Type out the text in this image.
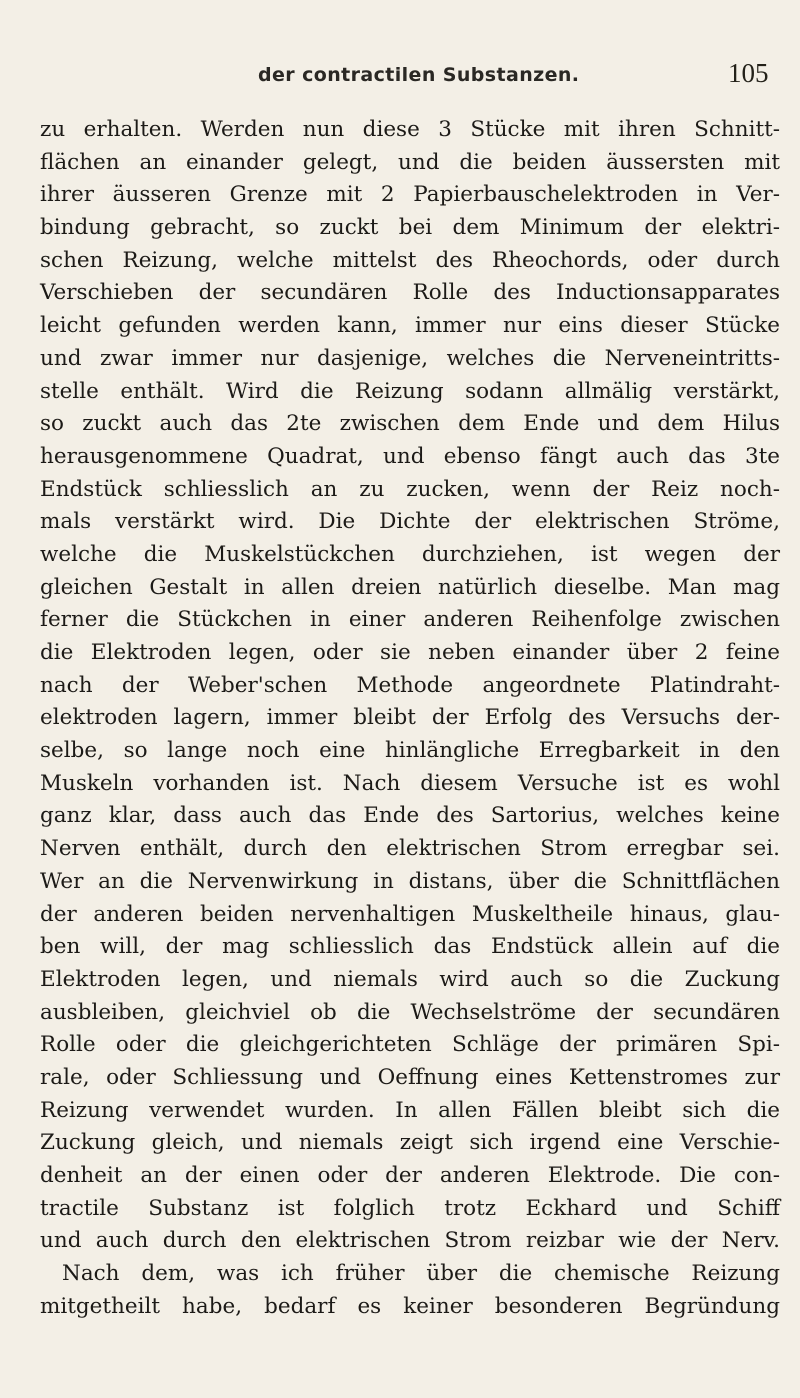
der contractilen Substanzen.	105
zu erhalten. Werden nun diese 3 Stücke mit ihren Schnitt-
flächen an einander gelegt, und die beiden äussersten mit
ihrer äusseren Grenze mit 2 Papierbauschelektroden in Ver-
bindung gebracht, so zuckt bei dem Minimum der elektri-
schen Reizung, welche mittelst des Rheochords, oder durch
Verschieben der secundären Rolle des Inductionsapparates
leicht gefunden werden kann, immer nur eins dieser Stücke
und zwar immer nur dasjenige, welches die Nerveneintritts-
stelle enthält. Wird die Reizung sodann allmälig verstärkt,
so zuckt auch das 2te zwischen dem Ende und dem Hilus
herausgenommene Quadrat, und ebenso fängt auch das 3te
Endstück schliesslich an zu zucken, wenn der Reiz noch-
mals verstärkt wird. Die Dichte der elektrischen Ströme,
welche die Muskelstückchen durchziehen, ist wegen der
gleichen Gestalt in allen dreien natürlich dieselbe. Man mag
ferner die Stückchen in einer anderen Reihenfolge zwischen
die Elektroden legen, oder sie neben einander über 2 feine
nach der Weber'schen Methode angeordnete Platindraht-
elektroden lagern, immer bleibt der Erfolg des Versuchs der-
selbe, so lange noch eine hinlängliche Erregbarkeit in den
Muskeln vorhanden ist. Nach diesem Versuche ist es wohl
ganz klar, dass auch das Ende des Sartorius, welches keine
Nerven enthält, durch den elektrischen Strom erregbar sei.
Wer an die Nervenwirkung in distans, über die Schnittflächen
der anderen beiden nervenhaltigen Muskeltheile hinaus, glau-
ben will, der mag schliesslich das Endstück allein auf die
Elektroden legen, und niemals wird auch so die Zuckung
ausbleiben, gleichviel ob die Wechselströme der secundären
Rolle oder die gleichgerichteten Schläge der primären Spi-
rale, oder Schliessung und Oeffnung eines Kettenstromes zur
Reizung verwendet wurden. In allen Fällen bleibt sich die
Zuckung gleich, und niemals zeigt sich irgend eine Verschie-
denheit an der einen oder der anderen Elektrode. Die con-
tractile Substanz ist folglich trotz Eckhard und Schiff
und auch durch den elektrischen Strom reizbar wie der Nerv.
Nach dem, was ich früher über die chemische Reizung
mitgetheilt habe, bedarf es keiner besonderen Begründung
